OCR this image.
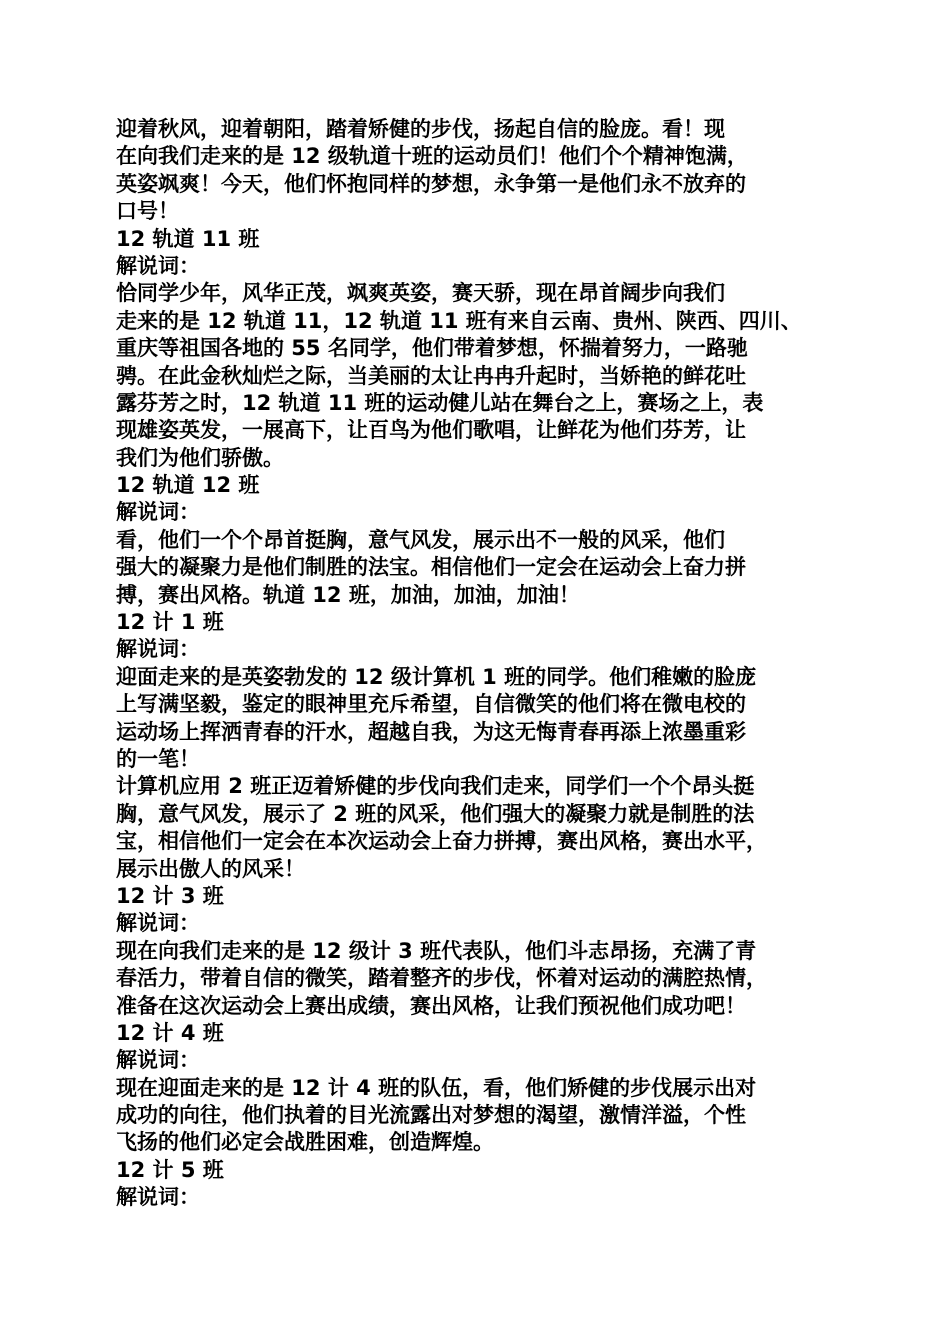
迎着秋风，迎着朝阳，踏着矫健的步伐，扬起自信的脸庞。看！现
在向我们走来的是 12 级轨道十班的运动员们！他们个个精神饱满，
英姿飒爽！今天，他们怀抱同样的梦想，永争第一是他们永不放弃的
口号！
12 轨道 11 班
解说词：
恰同学少年，风华正茂，飒爽英姿，赛天骄，现在昂首阔步向我们
走来的是 12 轨道 11，12 轨道 11 班有来自云南、贵州、陕西、四川、
重庆等祖国各地的 55 名同学，他们带着梦想，怀揣着努力，一路驰
骋。在此金秋灿烂之际，当美丽的太让冉冉升起时，当娇艳的鲜花吐
露芬芳之时，12 轨道 11 班的运动健儿站在舞台之上，赛场之上，表
现雄姿英发，一展高下，让百鸟为他们歌唱，让鲜花为他们芬芳，让
我们为他们骄傲。
12 轨道 12 班
解说词：
看，他们一个个昂首挺胸，意气风发，展示出不一般的风采，他们
强大的凝聚力是他们制胜的法宝。相信他们一定会在运动会上奋力拼
搏，赛出风格。轨道 12 班，加油，加油，加油！
12 计 1 班
解说词：
迎面走来的是英姿勃发的 12 级计算机 1 班的同学。他们稚嫩的脸庞
上写满坚毅，鉴定的眼神里充斥希望，自信微笑的他们将在微电校的
运动场上挥洒青春的汗水，超越自我，为这无悔青春再添上浓墨重彩
的一笔！
计算机应用 2 班正迈着矫健的步伐向我们走来，同学们一个个昂头挺
胸，意气风发，展示了 2 班的风采，他们强大的凝聚力就是制胜的法
宝，相信他们一定会在本次运动会上奋力拼搏，赛出风格，赛出水平，
展示出傲人的风采！
12 计 3 班
解说词：
现在向我们走来的是 12 级计 3 班代表队，他们斗志昂扬，充满了青
春活力，带着自信的微笑，踏着整齐的步伐，怀着对运动的满腔热情，
准备在这次运动会上赛出成绩，赛出风格，让我们预祝他们成功吧！
12 计 4 班
解说词：
现在迎面走来的是 12 计 4 班的队伍，看，他们矫健的步伐展示出对
成功的向往，他们执着的目光流露出对梦想的渴望，激情洋溢，个性
飞扬的他们必定会战胜困难，创造辉煌。
12 计 5 班
解说词：
